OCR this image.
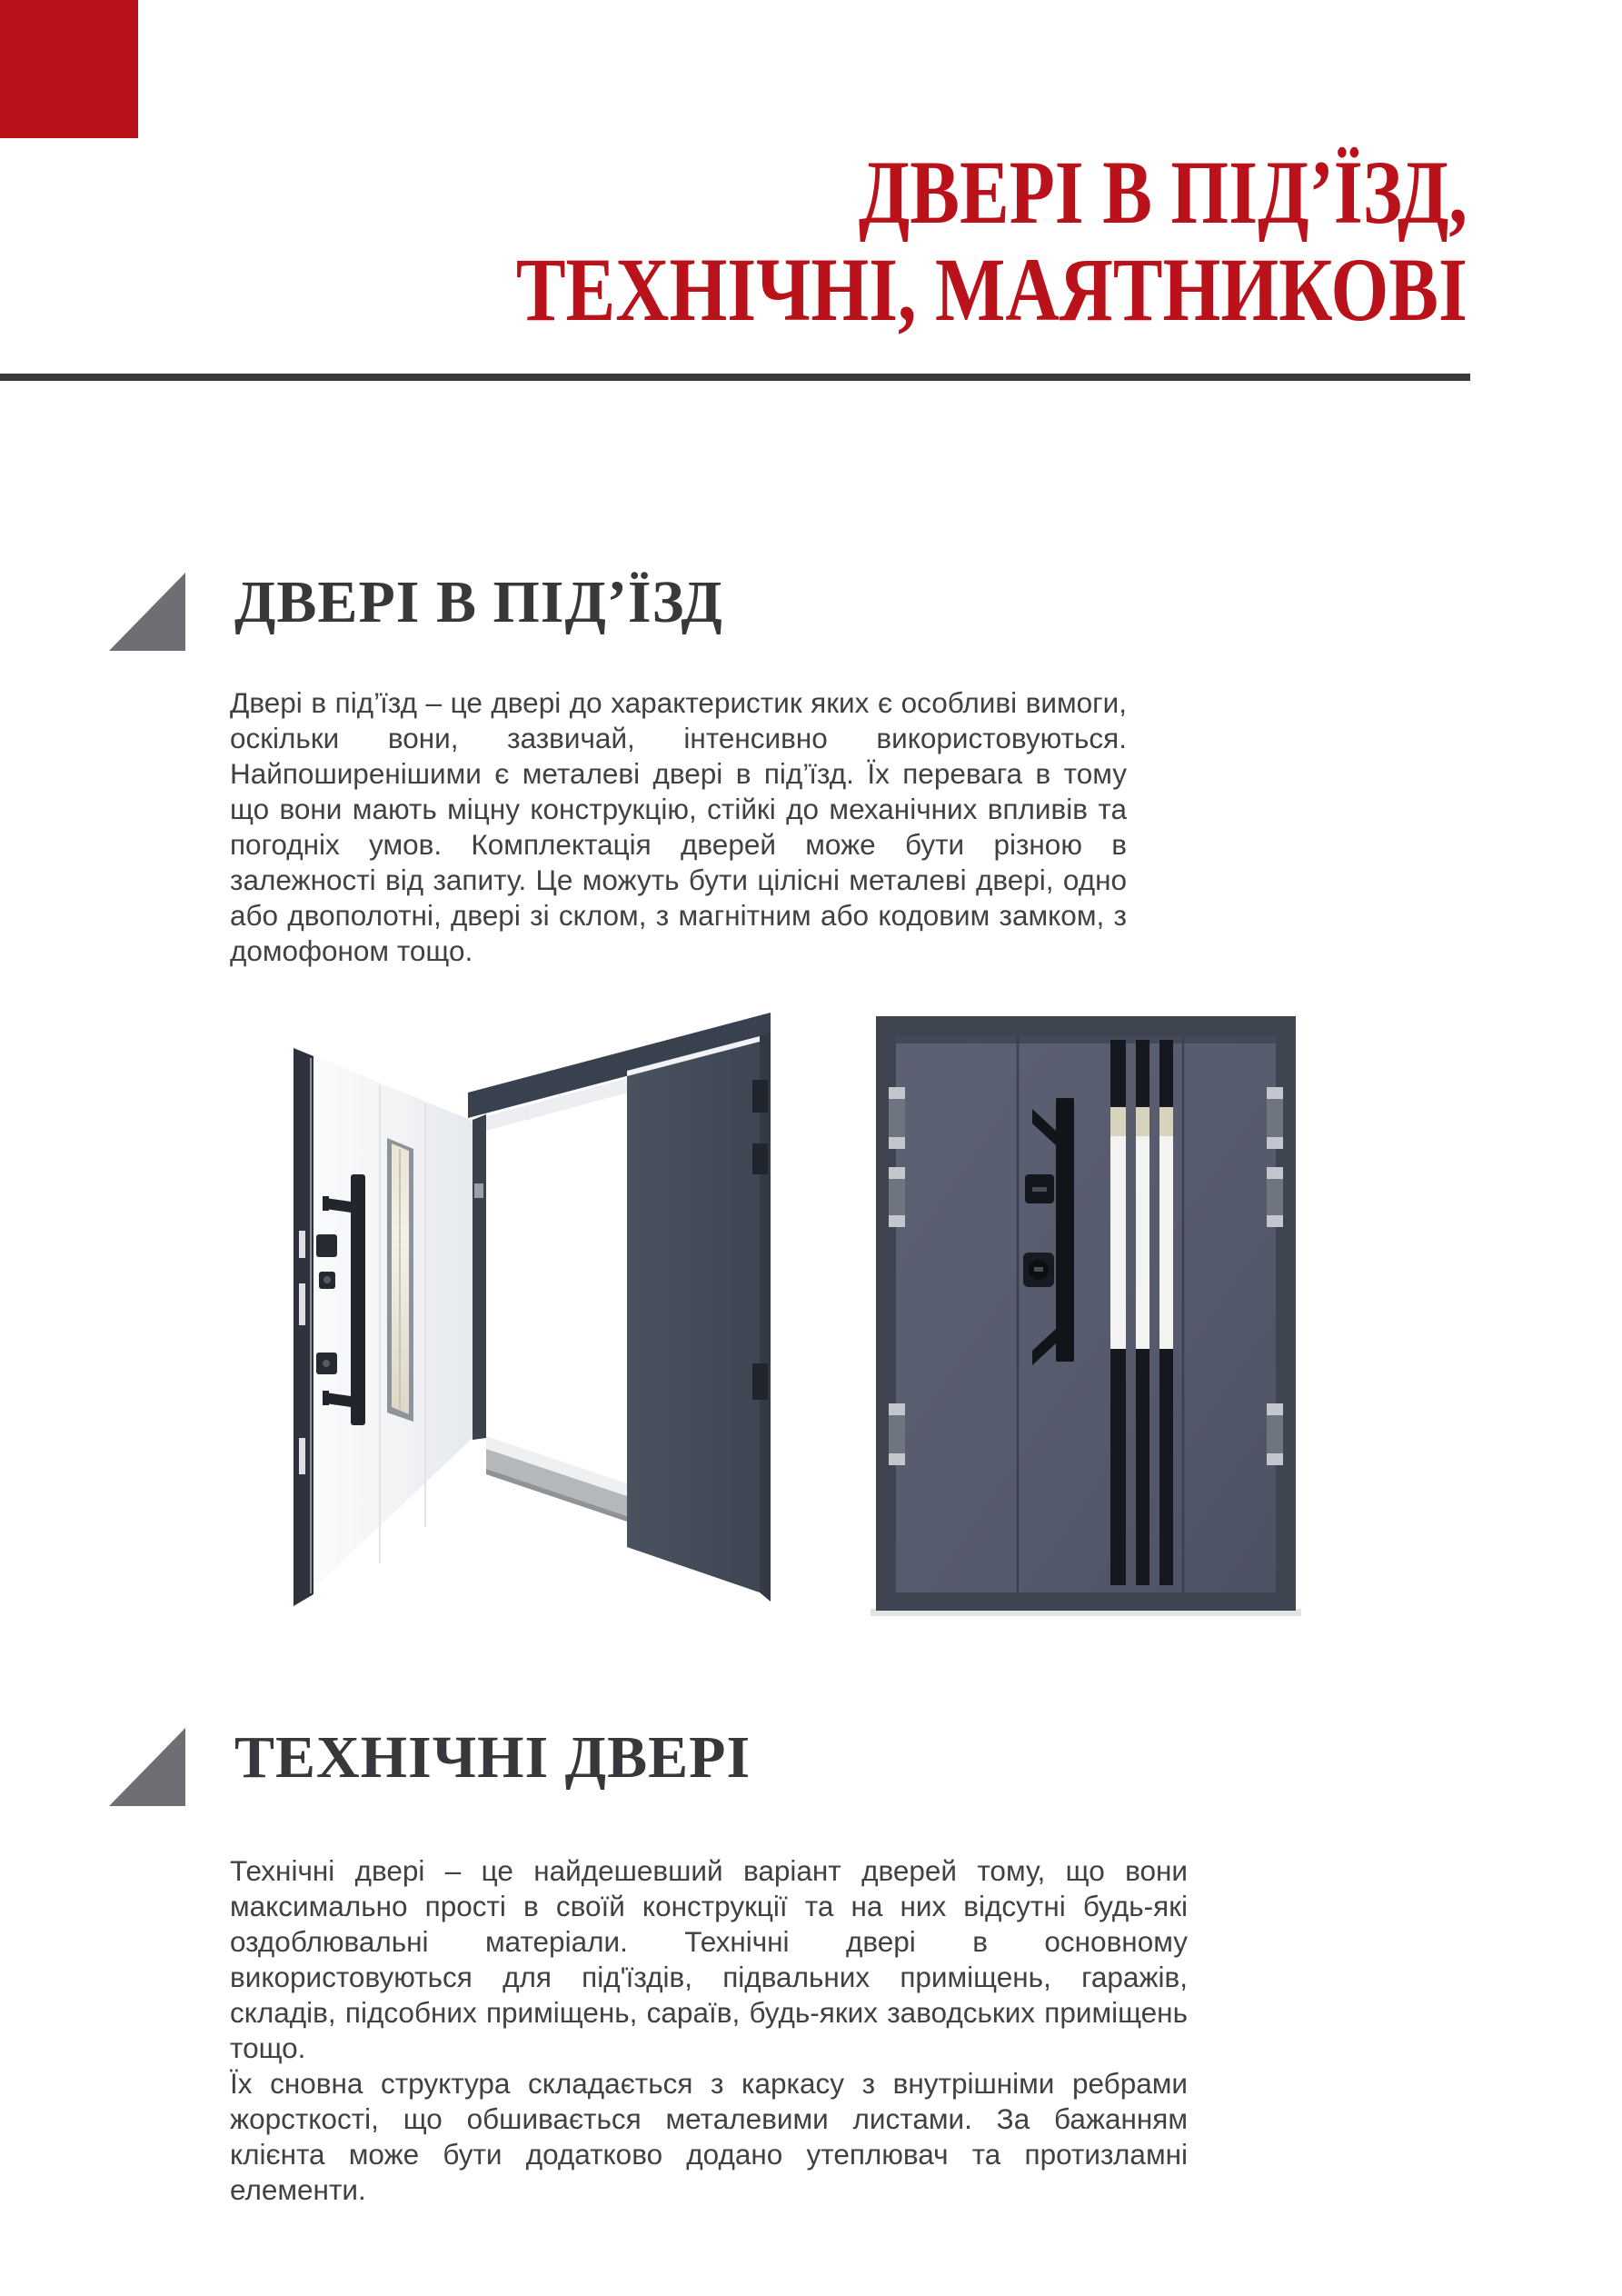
ДВЕРІ В ПІД’ЇЗД,
ТЕХНІЧНІ, МАЯТНИКОВІ
ДВЕРІ В ПІД’ЇЗД

Двері в під’їзд – це двері до характеристик яких є особливі вимоги, оскільки вони, зазвичай, інтенсивно використовуються. Найпоширенішими є металеві двері в під’їзд. Їх перевага в тому що вони мають міцну конструкцію, стійкі до механічних впливів та погодніх умов. Комплектація дверей може бути різною в залежності від запиту. Це можуть бути цілісні металеві двері, одно або двополотні, двері зі склом, з магнітним або кодовим замком, з домофоном тощо.

ТЕХНІЧНІ ДВЕРІ

Технічні двері – це найдешевший варіант дверей тому, що вони максимально прості в своїй конструкції та на них відсутні будь-які оздоблювальні матеріали. Технічні двері в основному використовуються для під'їздів, підвальних приміщень, гаражів, складів, підсобних приміщень, сараїв, будь-яких заводських приміщень тощо.

Їх сновна структура складається з каркасу з внутрішніми ребрами жорсткості, що обшивається металевими листами. За бажанням клієнта може бути додатково додано утеплювач та протизламні елементи.
